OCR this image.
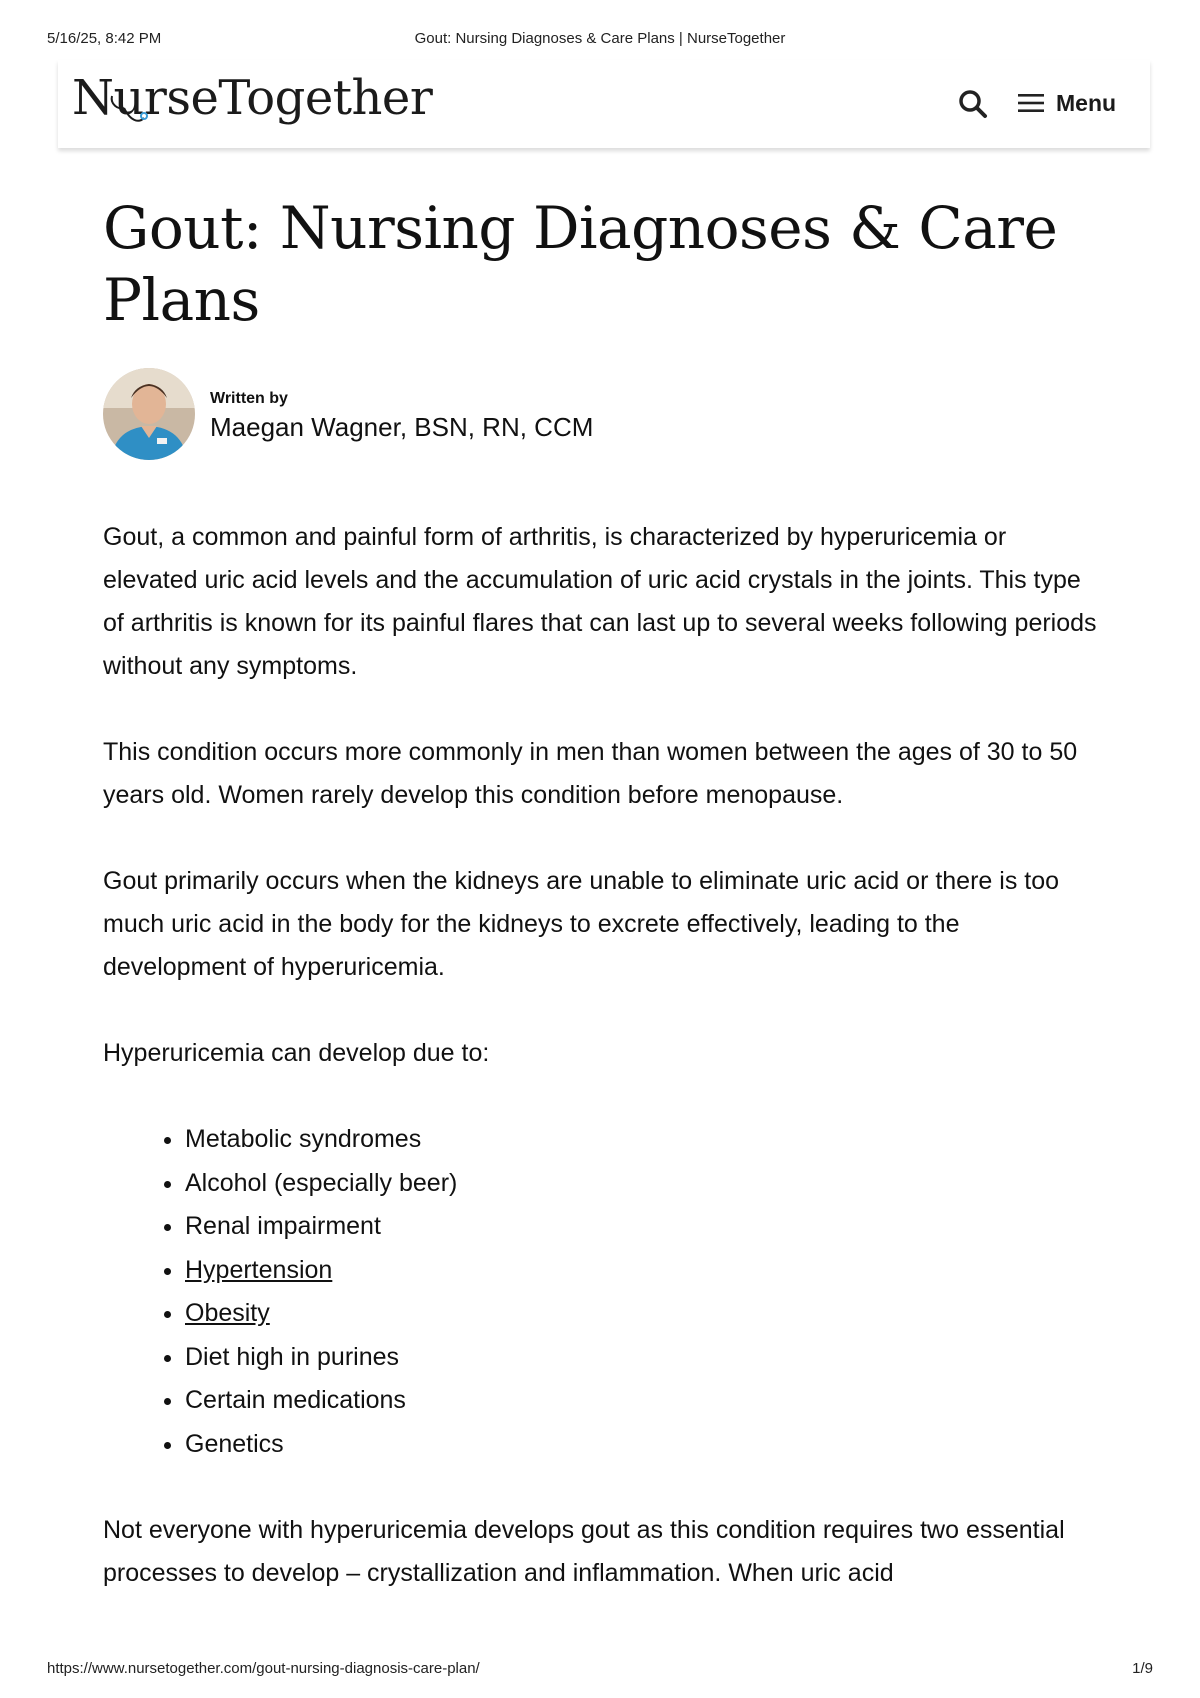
5/16/25, 8:42 PM	Gout: Nursing Diagnoses & Care Plans | NurseTogether
NurseTogether	Menu
Gout: Nursing Diagnoses & Care Plans
Written by
Maegan Wagner, BSN, RN, CCM

Gout, a common and painful form of arthritis, is characterized by hyperuricemia or elevated uric acid levels and the accumulation of uric acid crystals in the joints. This type of arthritis is known for its painful flares that can last up to several weeks following periods without any symptoms.

This condition occurs more commonly in men than women between the ages of 30 to 50 years old. Women rarely develop this condition before menopause.

Gout primarily occurs when the kidneys are unable to eliminate uric acid or there is too much uric acid in the body for the kidneys to excrete effectively, leading to the development of hyperuricemia.

Hyperuricemia can develop due to:

• Metabolic syndromes
• Alcohol (especially beer)
• Renal impairment
• Hypertension
• Obesity
• Diet high in purines
• Certain medications
• Genetics

Not everyone with hyperuricemia develops gout as this condition requires two essential processes to develop – crystallization and inflammation. When uric acid

https://www.nursetogether.com/gout-nursing-diagnosis-care-plan/	1/9
